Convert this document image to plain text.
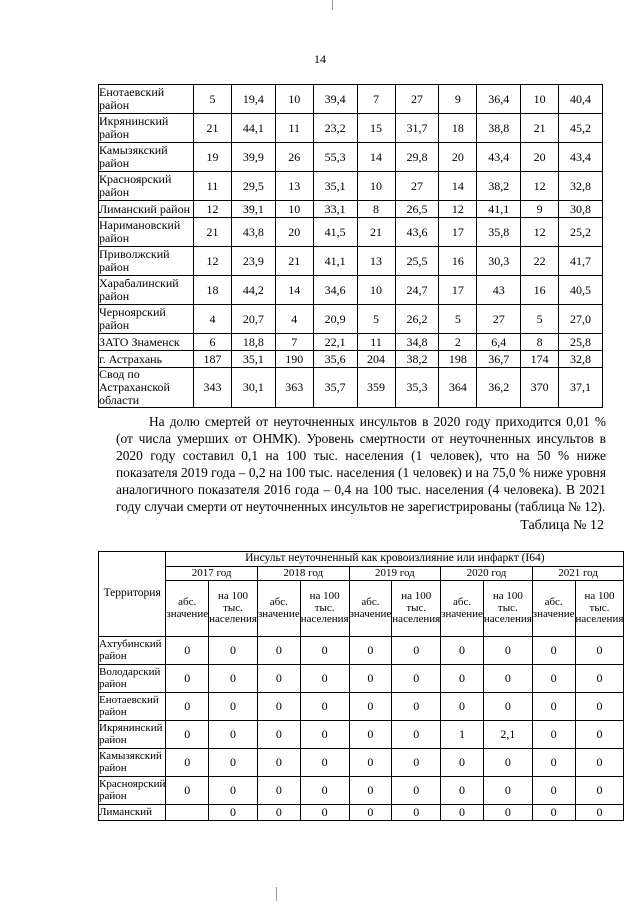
14
Енотаевский район	5	19,4	10	39,4	7	27	9	36,4	10	40,4
Икрянинский район	21	44,1	11	23,2	15	31,7	18	38,8	21	45,2
Камызякский район	19	39,9	26	55,3	14	29,8	20	43,4	20	43,4
Красноярский район	11	29,5	13	35,1	10	27	14	38,2	12	32,8
Лиманский район	12	39,1	10	33,1	8	26,5	12	41,1	9	30,8
Наримановский район	21	43,8	20	41,5	21	43,6	17	35,8	12	25,2
Приволжский район	12	23,9	21	41,1	13	25,5	16	30,3	22	41,7
Харабалинский район	18	44,2	14	34,6	10	24,7	17	43	16	40,5
Черноярский район	4	20,7	4	20,9	5	26,2	5	27	5	27,0
ЗАТО Знаменск	6	18,8	7	22,1	11	34,8	2	6,4	8	25,8
г. Астрахань	187	35,1	190	35,6	204	38,2	198	36,7	174	32,8
Свод по Астраханской области	343	30,1	363	35,7	359	35,3	364	36,2	370	37,1
На долю смертей от неуточненных инсультов в 2020 году приходится 0,01 % (от числа умерших от ОНМК). Уровень смертности от неуточненных инсультов в 2020 году составил 0,1 на 100 тыс. населения (1 человек), что на 50 % ниже показателя 2019 года – 0,2 на 100 тыс. населения (1 человек) и на 75,0 % ниже уровня аналогичного показателя 2016 года – 0,4 на 100 тыс. населения (4 человека). В 2021 году случаи смерти от неуточненных инсультов не зарегистрированы (таблица № 12).
Таблица № 12
Территория	Инсульт неуточненный как кровоизлияние или инфаркт (I64)									
	2017 год		2018 год		2019 год		2020 год		2021 год	
	абс. значение	на 100 тыс. населения	абс. значение	на 100 тыс. населения	абс. значение	на 100 тыс. населения	абс. значение	на 100 тыс. населения	абс. значение	на 100 тыс. населения
Ахтубинский район	0	0	0	0	0	0	0	0	0	0
Володарский район	0	0	0	0	0	0	0	0	0	0
Енотаевский район	0	0	0	0	0	0	0	0	0	0
Икрянинский район	0	0	0	0	0	0	1	2,1	0	0
Камызякский район	0	0	0	0	0	0	0	0	0	0
Красноярский район	0	0	0	0	0	0	0	0	0	0
Лиманский		0	0	0	0	0	0	0	0	0
